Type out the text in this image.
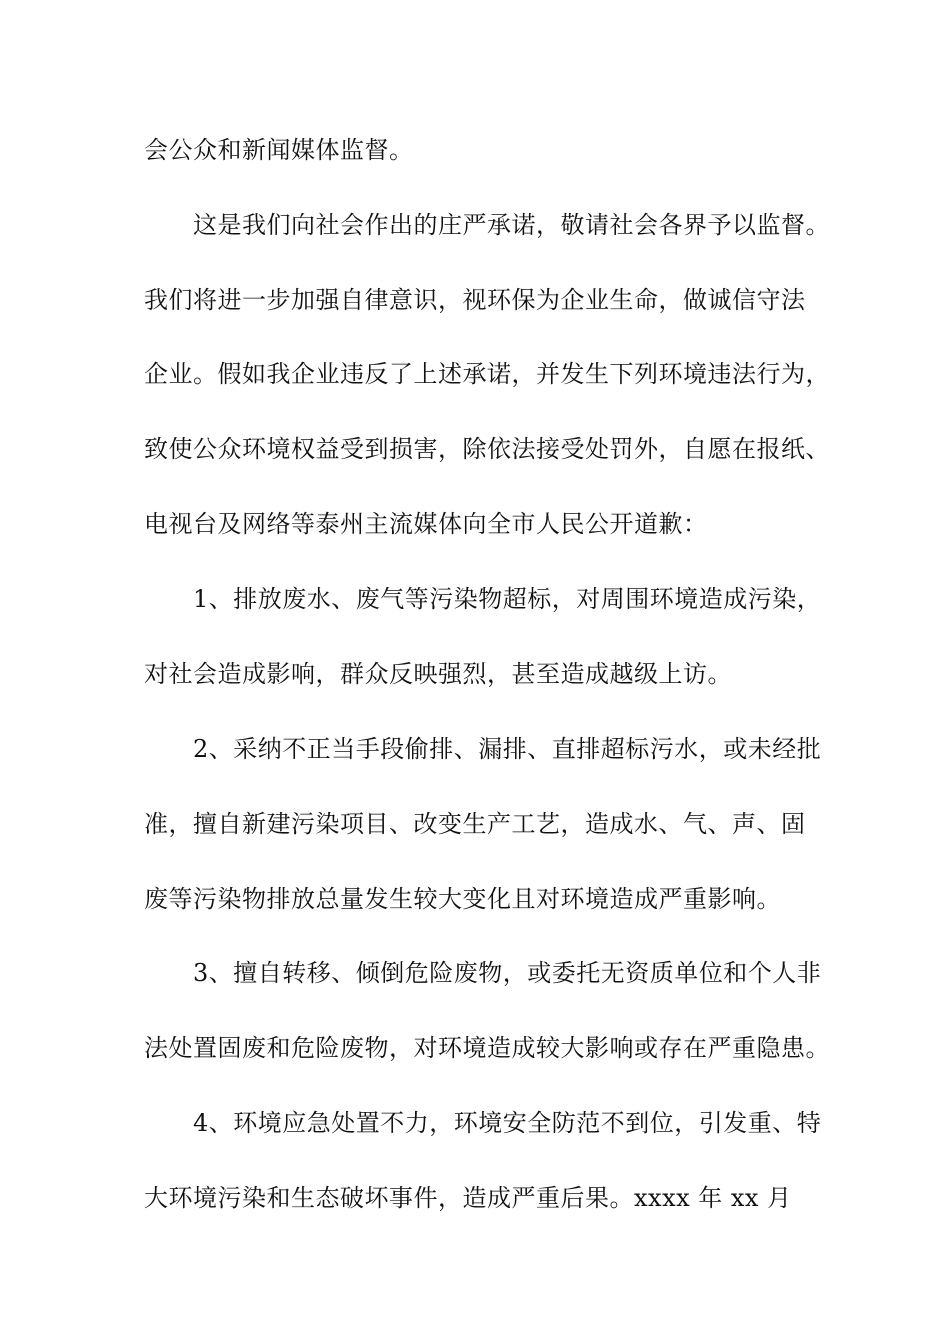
会公众和新闻媒体监督。
这是我们向社会作出的庄严承诺，敬请社会各界予以监督。
我们将进一步加强自律意识，视环保为企业生命，做诚信守法
企业。假如我企业违反了上述承诺，并发生下列环境违法行为，
致使公众环境权益受到损害，除依法接受处罚外，自愿在报纸、
电视台及网络等泰州主流媒体向全市人民公开道歉：
1、排放废水、废气等污染物超标，对周围环境造成污染，
对社会造成影响，群众反映强烈，甚至造成越级上访。
2、采纳不正当手段偷排、漏排、直排超标污水，或未经批
准，擅自新建污染项目、改变生产工艺，造成水、气、声、固
废等污染物排放总量发生较大变化且对环境造成严重影响。
3、擅自转移、倾倒危险废物，或委托无资质单位和个人非
法处置固废和危险废物，对环境造成较大影响或存在严重隐患。
4、环境应急处置不力，环境安全防范不到位，引发重、特
大环境污染和生态破坏事件，造成严重后果。xxxx 年 xx 月
